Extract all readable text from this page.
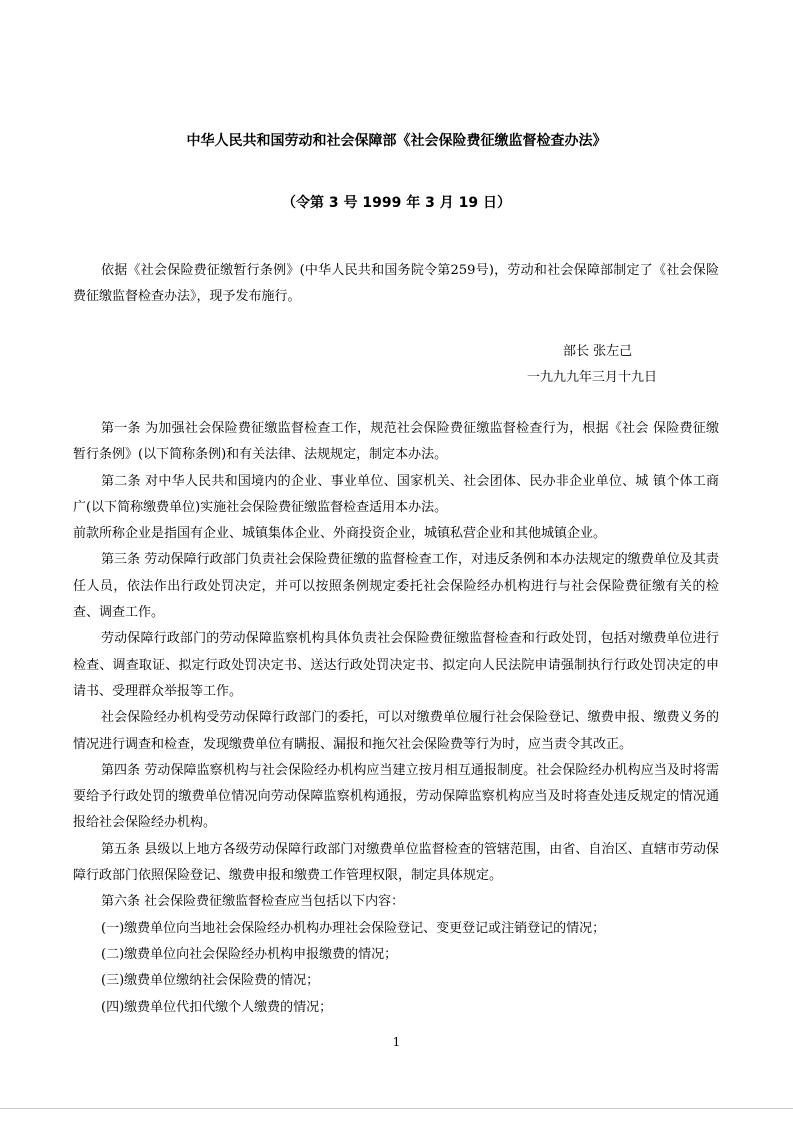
中华人民共和国劳动和社会保障部《社会保险费征缴监督检查办法》
（令第 3 号 1999 年 3 月 19 日）

依据《社会保险费征缴暂行条例》(中华人民共和国务院令第259号)，劳动和社会保障部制定了《社会保险费征缴监督检查办法》，现予发布施行。

部长 张左己
一九九九年三月十九日

第一条 为加强社会保险费征缴监督检查工作，规范社会保险费征缴监督检查行为，根据《社会 保险费征缴暂行条例》(以下简称条例)和有关法律、法规规定，制定本办法。

第二条 对中华人民共和国境内的企业、事业单位、国家机关、社会团体、民办非企业单位、城 镇个体工商广(以下简称缴费单位)实施社会保险费征缴监督检查适用本办法。

前款所称企业是指国有企业、城镇集体企业、外商投资企业，城镇私营企业和其他城镇企业。

第三条 劳动保障行政部门负责社会保险费征缴的监督检查工作，对违反条例和本办法规定的缴费单位及其责任人员，依法作出行政处罚决定，并可以按照条例规定委托社会保险经办机构进行与社会保险费征缴有关的检查、调查工作。

劳动保障行政部门的劳动保障监察机构具体负责社会保险费征缴监督检查和行政处罚，包括对缴费单位进行检查、调查取证、拟定行政处罚决定书、送达行政处罚决定书、拟定向人民法院申请强制执行行政处罚决定的申请书、受理群众举报等工作。

社会保险经办机构受劳动保障行政部门的委托，可以对缴费单位履行社会保险登记、缴费申报、缴费义务的情况进行调查和检查，发现缴费单位有瞒报、漏报和拖欠社会保险费等行为时，应当责令其改正。

第四条 劳动保障监察机构与社会保险经办机构应当建立按月相互通报制度。社会保险经办机构应当及时将需要给予行政处罚的缴费单位情况向劳动保障监察机构通报，劳动保障监察机构应当及时将查处违反规定的情况通报给社会保险经办机构。

第五条 县级以上地方各级劳动保障行政部门对缴费单位监督检查的管辖范围，由省、自治区、直辖市劳动保障行政部门依照保险登记、缴费申报和缴费工作管理权限，制定具体规定。

第六条 社会保险费征缴监督检查应当包括以下内容：

(一)缴费单位向当地社会保险经办机构办理社会保险登记、变更登记或注销登记的情况；

(二)缴费单位向社会保险经办机构申报缴费的情况；

(三)缴费单位缴纳社会保险费的情况；

(四)缴费单位代扣代缴个人缴费的情况；

1
